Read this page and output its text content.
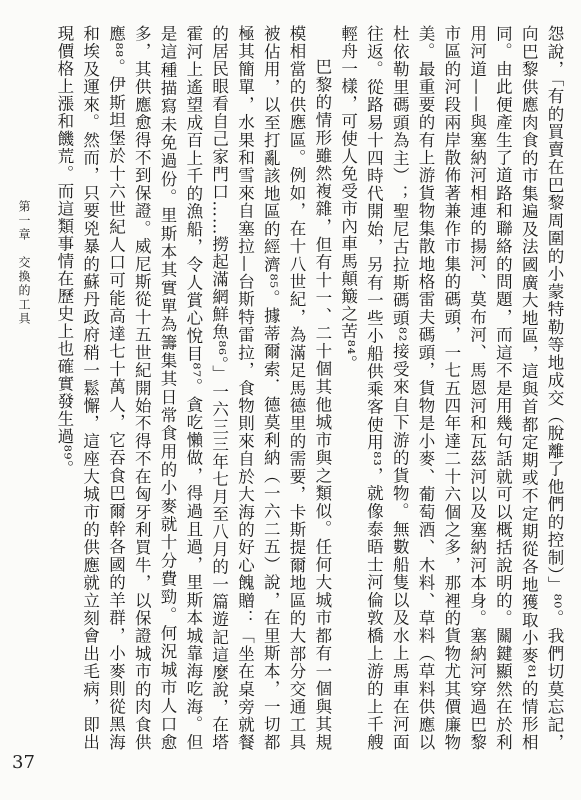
怨說，「有的買賣在巴黎周圍的小蒙特勒等地成交（脫離了他們的控制）」⁸⁰。我們切莫忘記，向巴黎供應肉食的市集遍及法國廣大地區，這與首都定期或不定期從各地獲取小麥⁸¹的情形相同。由此便產生了道路和聯絡的問題，而這不是用幾句話就可以概括說明的。關鍵顯然在於利用河道——與塞納河相連的揚河、莫布河、馬恩河和瓦茲河以及塞納河本身。塞納河穿過巴黎市區的河段兩岸散佈著兼作市集的碼頭，一七五四年達二十六個之多，那裡的貨物尤其價廉物美。最重要的有上游貨物集散地格雷夫碼頭，貨物是小麥、葡萄酒、木料、草料（草料供應以杜依勒里碼頭為主）；聖尼古拉斯碼頭⁸²接受來自下游的貨物。無數船隻以及水上馬車在河面往返。從路易十四時代開始，另有一些小船供乘客使用⁸³，就像泰晤士河倫敦橋上游的上千艘輕舟一樣，可使人免受市內車馬顛簸之苦⁸⁴。

巴黎的情形雖然複雜，但有十一、二十個其他城市與之類似。任何大城市都有一個與其規模相當的供應區。例如，在十八世紀，為滿足馬德里的需要，卡斯提爾地區的大部分交通工具被佔用，以至打亂該地區的經濟⁸⁵。據蒂爾索．德莫利納（一六二五）說，在里斯本，一切都極其簡單，水果和雪來自塞拉—台斯特雷拉，食物則來自於大海的好心餽贈：「坐在桌旁就餐的居民眼看自己家門口……撈起滿網鮮魚⁸⁶。」一六三三年七月至八月的一篇遊記這麼說，在塔霍河上遙望成百上千的漁船，令人賞心悅目⁸⁷。貪吃懶做，得過且過，里斯本城靠海吃海。但是這種描寫未免過份。里斯本其實單為籌集其日常食用的小麥就十分費勁。何況城市人口愈多，其供應愈得不到保證。威尼斯從十五世紀開始不得不在匈牙利買牛，以保證城市的肉食供應⁸⁸。伊斯坦堡於十六世紀人口可能高達七十萬人，它吞食巴爾幹各國的羊群，小麥則從黑海和埃及運來。然而，只要兇暴的蘇丹政府稍一鬆懈，這座大城市的供應就立刻會出毛病，即出現價格上漲和饑荒。而這類事情在歷史上也確實發生過⁸⁹。

第一章　交換的工具
37
